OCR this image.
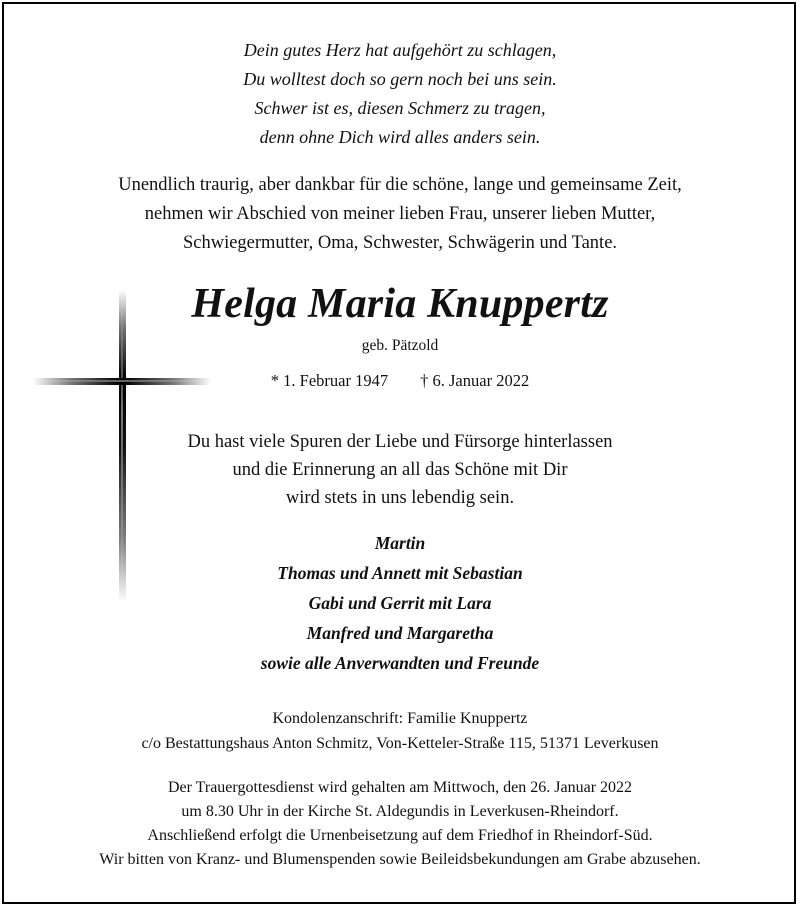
Dein gutes Herz hat aufgehört zu schlagen,
Du wolltest doch so gern noch bei uns sein.
Schwer ist es, diesen Schmerz zu tragen,
denn ohne Dich wird alles anders sein.
Unendlich traurig, aber dankbar für die schöne, lange und gemeinsame Zeit,
nehmen wir Abschied von meiner lieben Frau, unserer lieben Mutter,
Schwiegermutter, Oma, Schwester, Schwägerin und Tante.
Helga Maria Knuppertz
geb. Pätzold
* 1. Februar 1947 † 6. Januar 2022
Du hast viele Spuren der Liebe und Fürsorge hinterlassen
und die Erinnerung an all das Schöne mit Dir
wird stets in uns lebendig sein.
Martin
Thomas und Annett mit Sebastian
Gabi und Gerrit mit Lara
Manfred und Margaretha
sowie alle Anverwandten und Freunde
Kondolenzanschrift: Familie Knuppertz
c/o Bestattungshaus Anton Schmitz, Von-Ketteler-Straße 115, 51371 Leverkusen
Der Trauergottesdienst wird gehalten am Mittwoch, den 26. Januar 2022
um 8.30 Uhr in der Kirche St. Aldegundis in Leverkusen-Rheindorf.
Anschließend erfolgt die Urnenbeisetzung auf dem Friedhof in Rheindorf-Süd.
Wir bitten von Kranz- und Blumenspenden sowie Beileidsbekundungen am Grabe abzusehen.
